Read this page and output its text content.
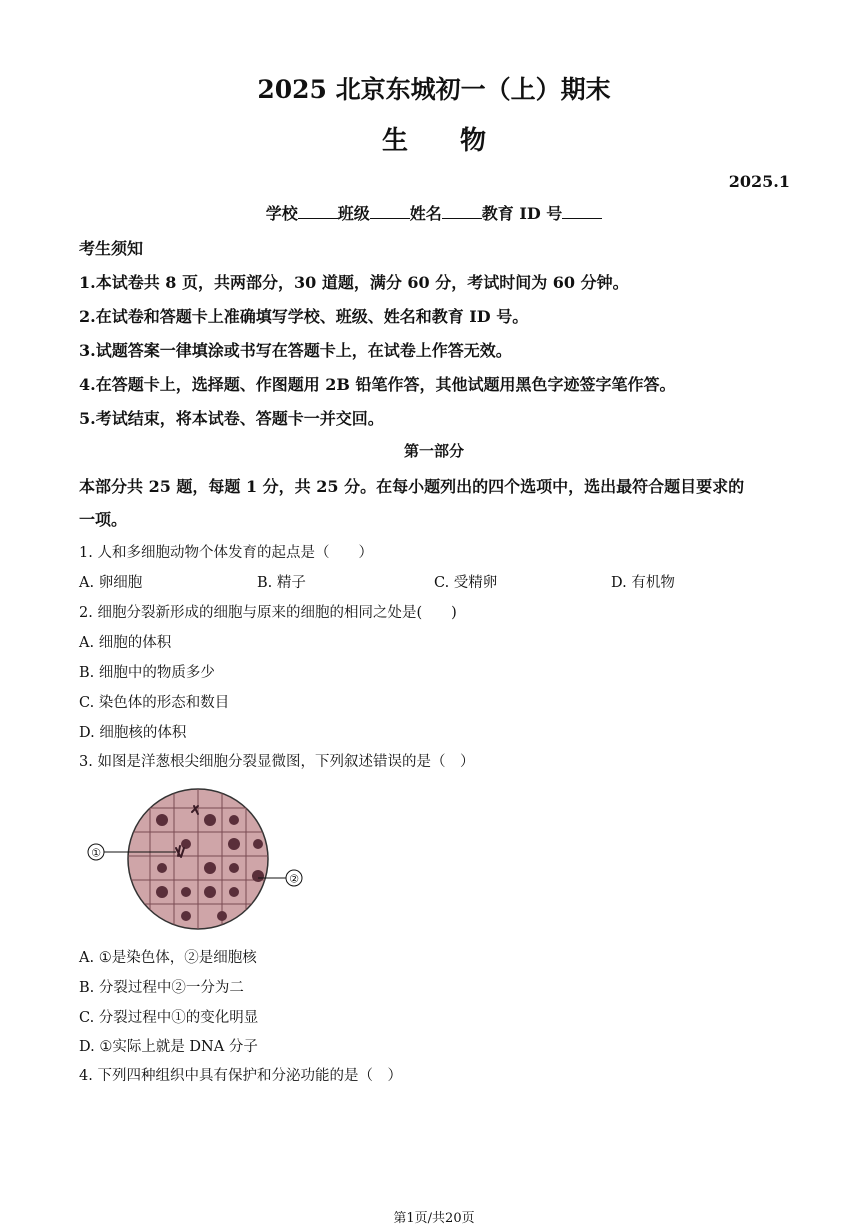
2025 北京东城初一（上）期末
生　　物
2025.1
学校	班级	姓名	教育 ID 号
考生须知
1.本试卷共 8 页，共两部分，30 道题，满分 60 分，考试时间为 60 分钟。
2.在试卷和答题卡上准确填写学校、班级、姓名和教育 ID 号。
3.试题答案一律填涂或书写在答题卡上，在试卷上作答无效。
4.在答题卡上，选择题、作图题用 2B 铅笔作答，其他试题用黑色字迹签字笔作答。
5.考试结束，将本试卷、答题卡一并交回。
第一部分
本部分共 25 题，每题 1 分，共 25 分。在每小题列出的四个选项中，选出最符合题目要求的
一项。
1. 人和多细胞动物个体发育的起点是（　　）
A. 卵细胞	B. 精子	C. 受精卵	D. 有机物
2. 细胞分裂新形成的细胞与原来的细胞的相同之处是(　　)
A. 细胞的体积
B. 细胞中的物质多少
C. 染色体的形态和数目
D. 细胞核的体积
3. 如图是洋葱根尖细胞分裂显微图，下列叙述错误的是（　）
①
②
A. ①是染色体，②是细胞核
B. 分裂过程中②一分为二
C. 分裂过程中①的变化明显
D. ①实际上就是 DNA 分子
4. 下列四种组织中具有保护和分泌功能的是（　）
第1页/共20页
